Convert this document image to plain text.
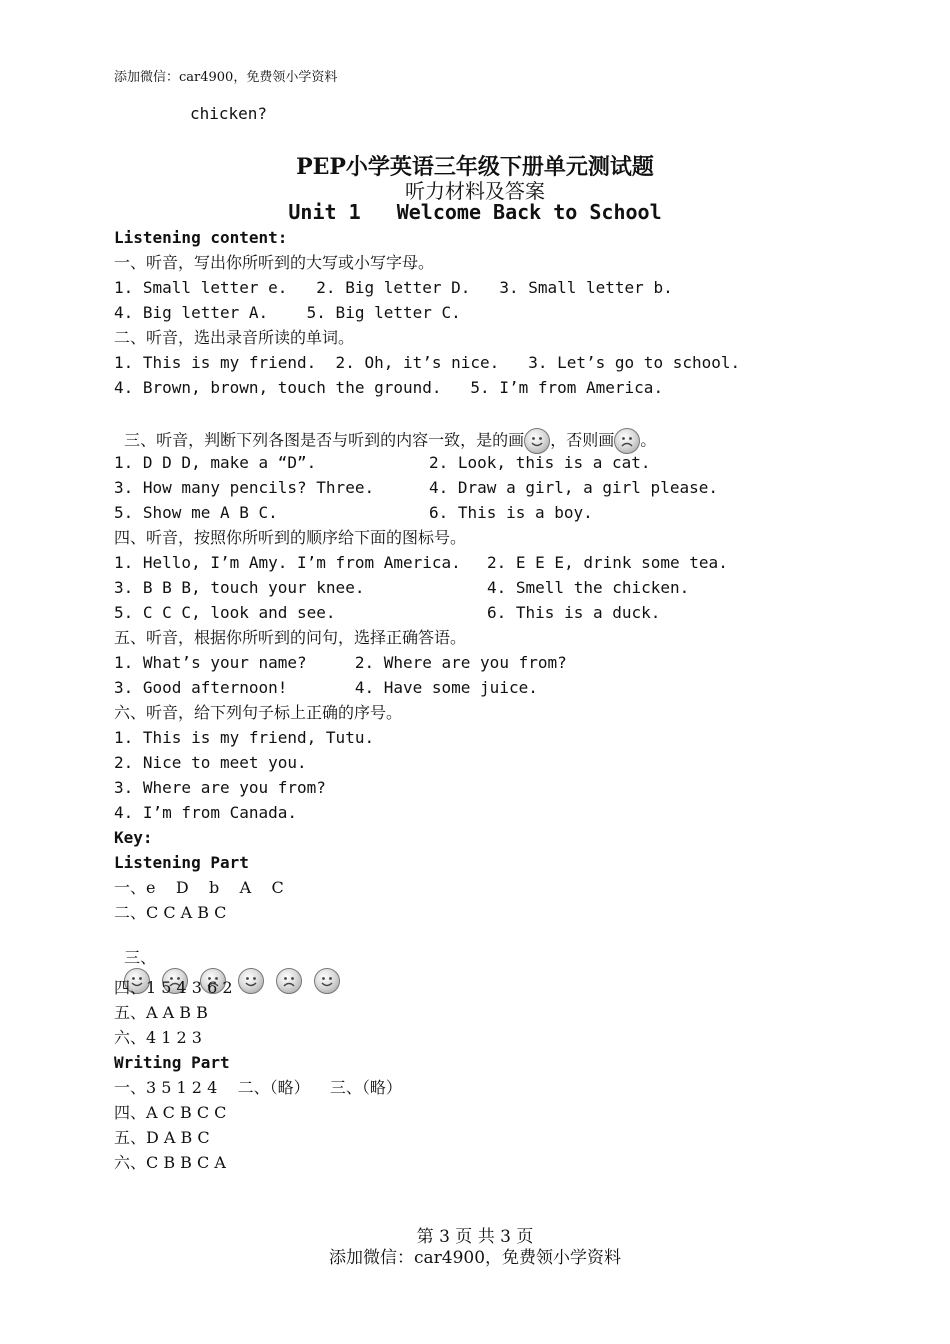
添加微信：car4900，免费领小学资料
chicken?
PEP小学英语三年级下册单元测试题
听力材料及答案
Unit 1   Welcome Back to School
Listening content:
一、听音，写出你所听到的大写或小写字母。
1. Small letter e.   2. Big letter D.   3. Small letter b.
4. Big letter A.    5. Big letter C.
二、听音，选出录音所读的单词。
1. This is my friend.  2. Oh, it’s nice.   3. Let’s go to school.
4. Brown, brown, touch the ground.   5. I’m from America.

三、听音，判断下列各图是否与听到的内容一致，是的画 ，否则画 。

1. D D D, make a “D”.	2. Look, this is a cat.
3. How many pencils? Three.	4. Draw a girl, a girl please.
5. Show me A B C.	6. This is a boy.
四、听音，按照你所听到的顺序给下面的图标号。
1. Hello, I’m Amy. I’m from America. 2. E E E, drink some tea.
3. B B B, touch your knee.	4. Smell the chicken.
5. C C C, look and see.	6. This is a duck.
五、听音，根据你所听到的问句，选择正确答语。
1. What’s your name?     2. Where are you from?
3. Good afternoon!       4. Have some juice.
六、听音，给下列句子标上正确的序号。
1. This is my friend, Tutu.
2. Nice to meet you.
3. Where are you from?
4. I’m from Canada.
Key:
Listening Part
一、e    D    b    A    C
二、C C A B C

三、

四、1 5 4 3 6 2
五、A A B B
六、4 1 2 3
Writing Part
一、3 5 1 2 4    二、（略）    三、（略）
四、A C B C C
五、D A B C
六、C B B C A
第 3 页 共 3 页
添加微信：car4900，免费领小学资料
